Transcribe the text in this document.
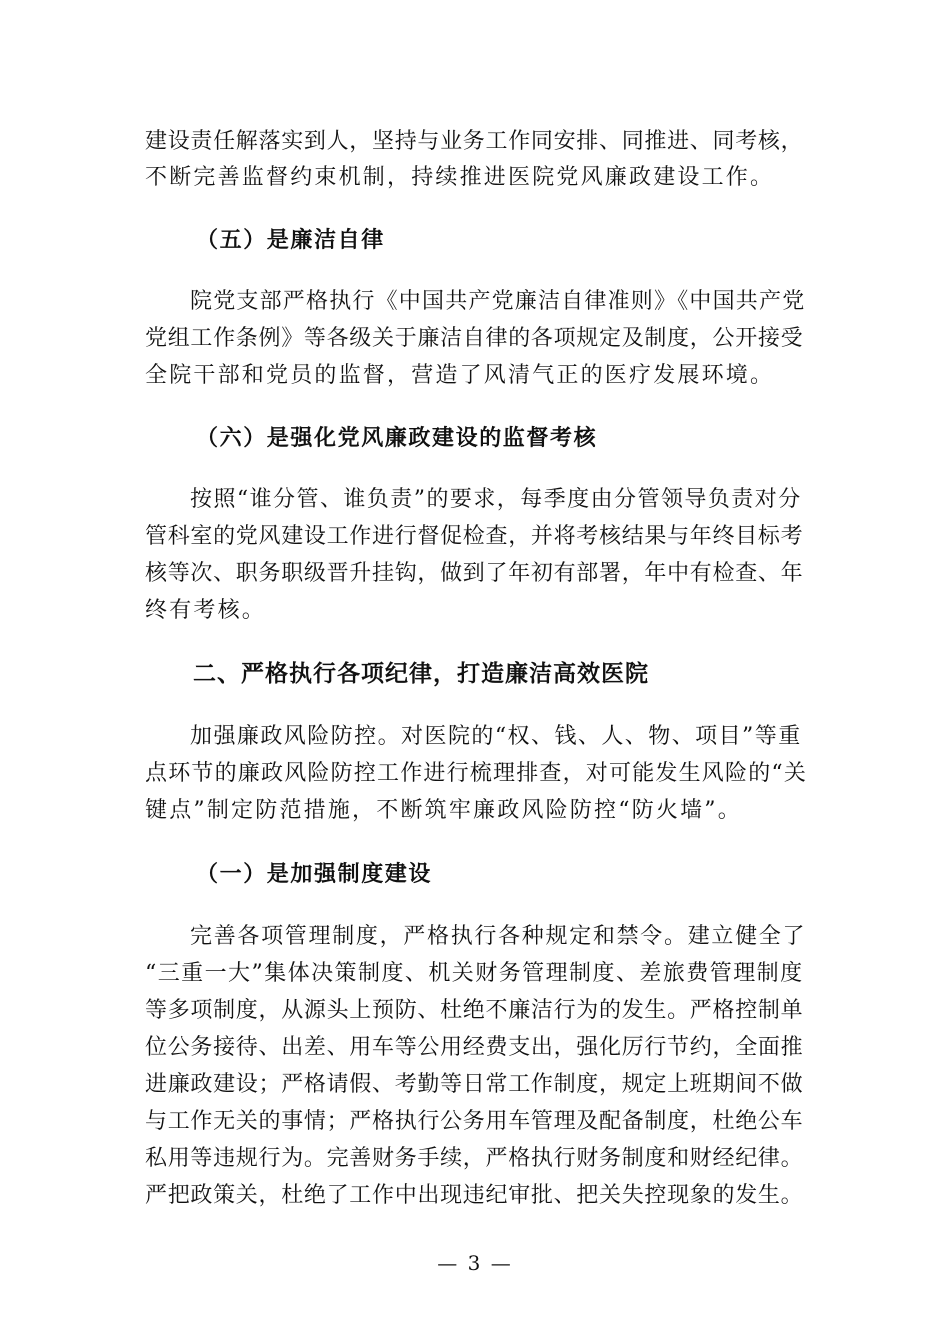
建设责任解落实到人，坚持与业务工作同安排、同推进、同考核，
不断完善监督约束机制，持续推进医院党风廉政建设工作。
（五）是廉洁自律
院党支部严格执行《中国共产党廉洁自律准则》《中国共产党
党组工作条例》等各级关于廉洁自律的各项规定及制度，公开接受
全院干部和党员的监督，营造了风清气正的医疗发展环境。
（六）是强化党风廉政建设的监督考核
按照“谁分管、谁负责”的要求，每季度由分管领导负责对分
管科室的党风建设工作进行督促检查，并将考核结果与年终目标考
核等次、职务职级晋升挂钩，做到了年初有部署，年中有检查、年
终有考核。
二、严格执行各项纪律，打造廉洁高效医院
加强廉政风险防控。对医院的“权、钱、人、物、项目”等重
点环节的廉政风险防控工作进行梳理排查，对可能发生风险的“关
键点”制定防范措施，不断筑牢廉政风险防控“防火墙”。
（一）是加强制度建设
完善各项管理制度，严格执行各种规定和禁令。建立健全了
“三重一大”集体决策制度、机关财务管理制度、差旅费管理制度
等多项制度，从源头上预防、杜绝不廉洁行为的发生。严格控制单
位公务接待、出差、用车等公用经费支出，强化厉行节约，全面推
进廉政建设；严格请假、考勤等日常工作制度，规定上班期间不做
与工作无关的事情；严格执行公务用车管理及配备制度，杜绝公车
私用等违规行为。完善财务手续，严格执行财务制度和财经纪律。
严把政策关，杜绝了工作中出现违纪审批、把关失控现象的发生。
— 3 —
